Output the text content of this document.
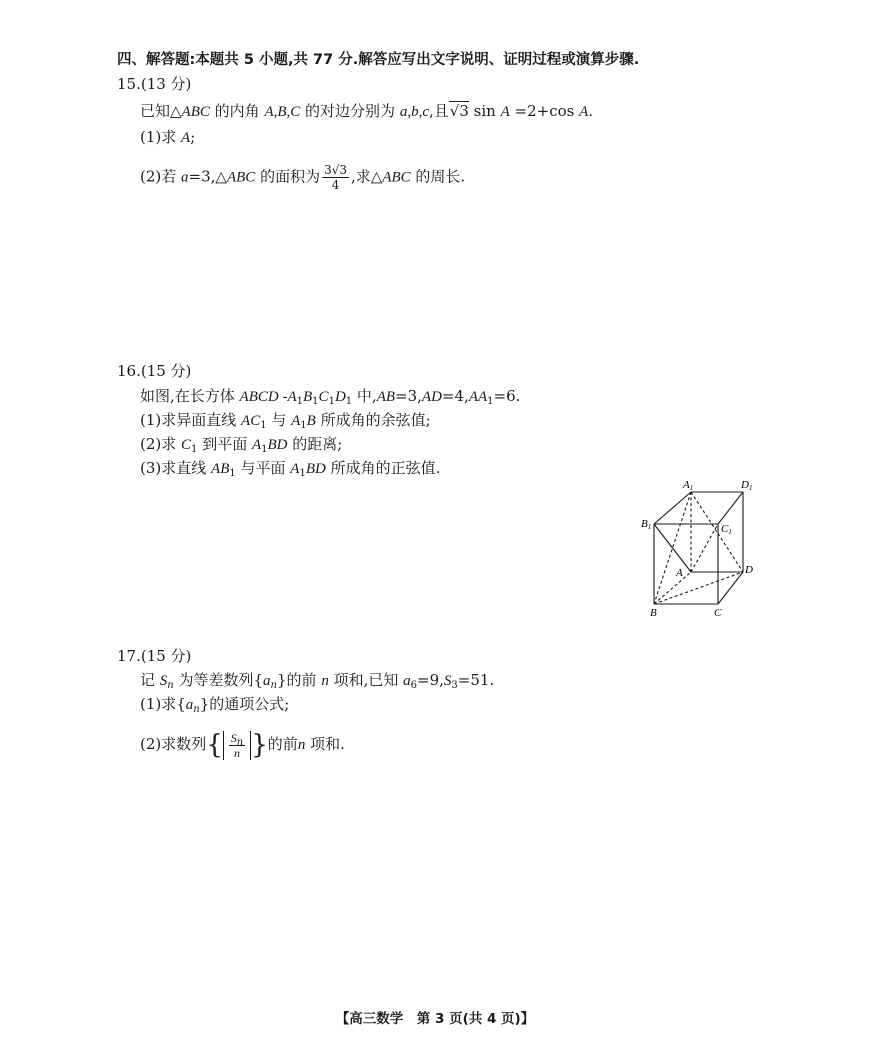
四、解答题:本题共 5 小题,共 77 分.解答应写出文字说明、证明过程或演算步骤.
15.(13 分)
已知△ABC 的内角 A,B,C 的对边分别为 a,b,c,且√3 sin A =2+cos A.
(1)求 A;
(2)若 a=3,△ABC 的面积为 $\frac{3√3}{4}$ ,求△ABC 的周长.
16.(15 分)
如图,在长方体 ABCD $-A_1B_1C_1D_1$ 中$,AB=3,AD=4,AA_1=6$.
(1)求异面直线 $AC_1$ 与 $A_1B$ 所成角的余弦值;
(2)求 $C_1$ 到平面 $A_1BD$ 的距离;
(3)求直线 $AB_1$ 与平面 $A_1BD$ 所成角的正弦值.
A1	D1
B1	C1
A	D
B	C
17.(15 分)
记 $S_n$ 为等差数列$\{a_n\}$的前 n 项和,已知 $a_6=9,S_3=51$.
(1)求$\{a_n\}$的通项公式;
(2)求数列{ $\frac{S_n}{n}$ }的前n 项和.
【高三数学　第 3 页(共 4 页)】
